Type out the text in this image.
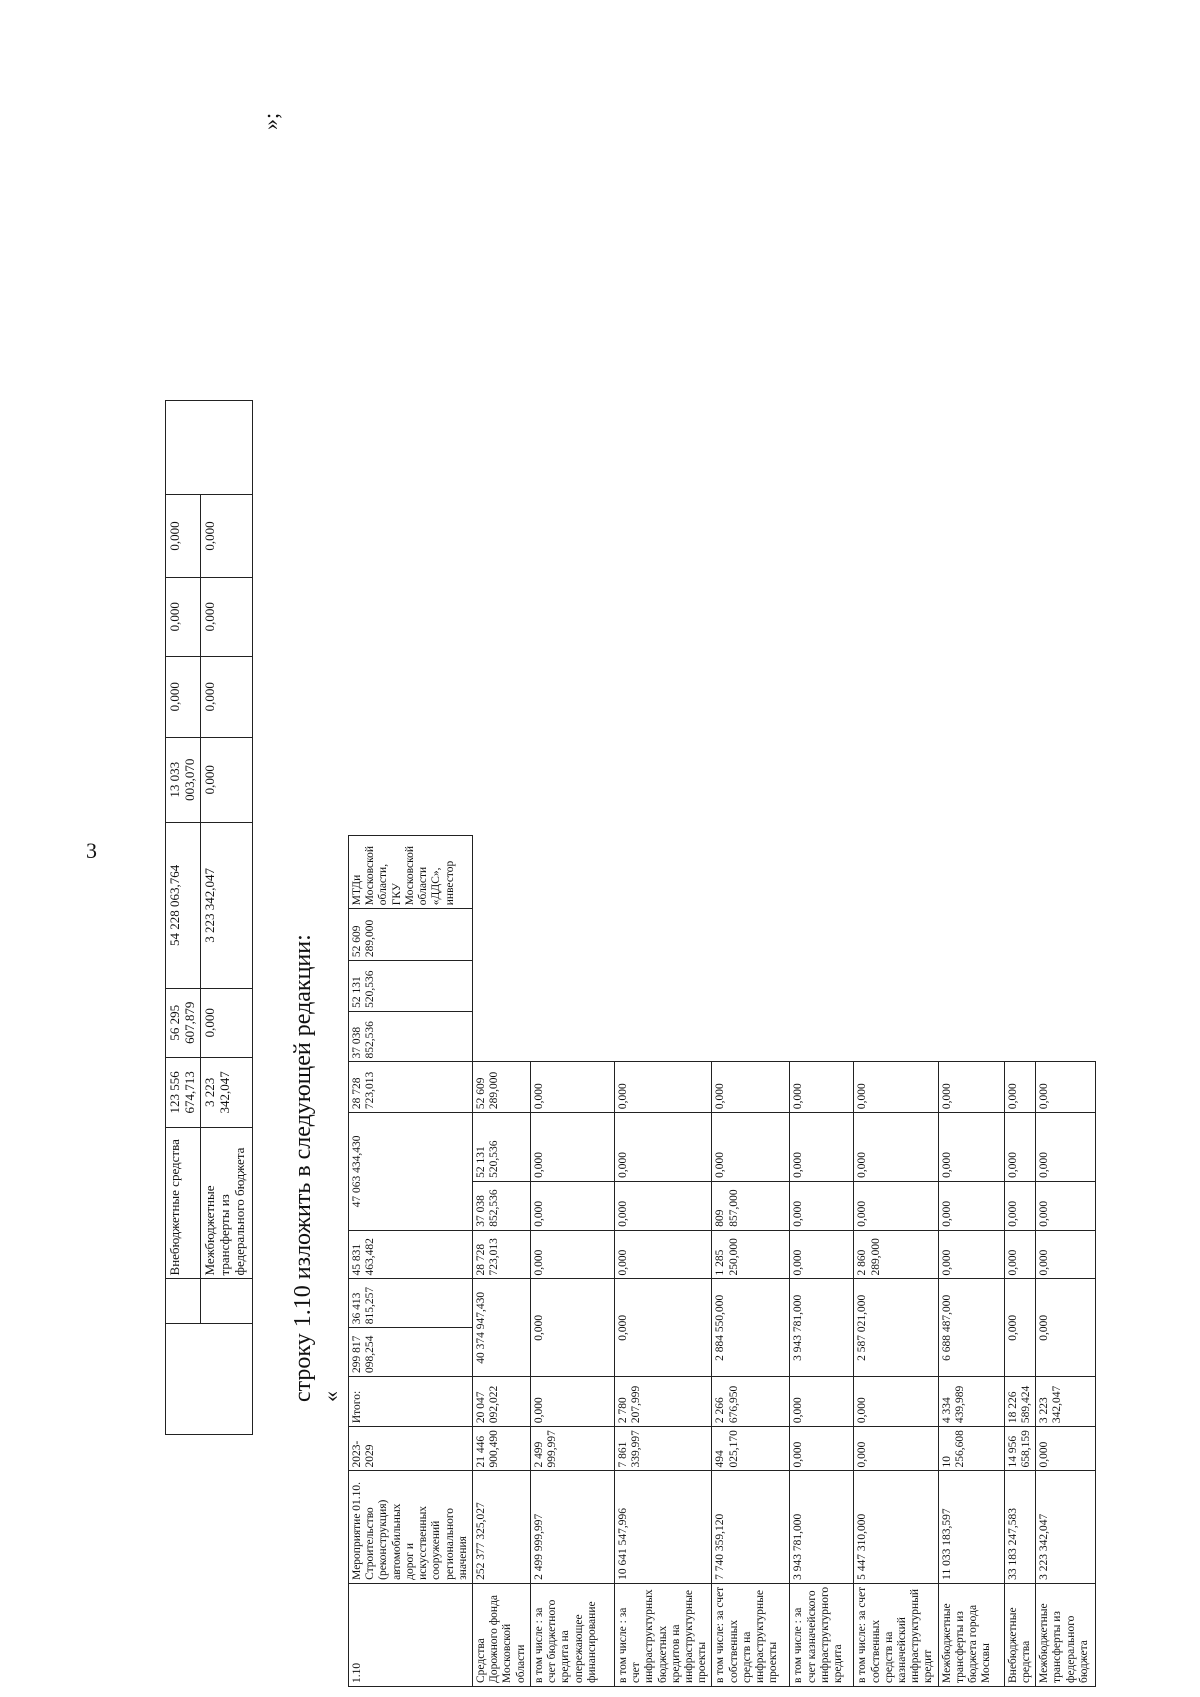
3
		Внебюджетные средства	123 556 674,713	56 295 607,879	54 228 063,764	13 033 003,070	0,000	0,000	0,000	
		Межбюджетные трансферты из федерального бюджета	3 223 342,047	0,000	3 223 342,047	0,000	0,000	0,000	0,000	
»;
строку 1.10 изложить в следующей редакции: «
1.10	Мероприятие 01.10. Строительство (реконструкция) автомобильных дорог и искусственных сооружений регионального значения	2023-2029	Итого:	299 817 098,254	36 413 815,257	45 831 463,482	47 063 434,430		28 728 723,013	37 038 852,536	52 131 520,536	52 609 289,000	МТДи Московской области, ГКУ Московской области «ДДС», инвестор
Средства Дорожного фонда Московской области	252 377 325,027	21 446 900,490	20 047 092,022	40 374 947,430		28 728 723,013	37 038 852,536	52 131 520,536	52 609 289,000				
в том числе : за счет бюджетного кредита на опережающее финансирование	2 499 999,997	2 499 999,997	0,000	0,000		0,000	0,000	0,000	0,000				
в том числе : за счет инфраструктурных бюджетных кредитов на инфраструктурные проекты	10 641 547,996	7 861 339,997	2 780 207,999	0,000		0,000	0,000	0,000	0,000				
в том числе: за счет собственных средств на инфраструктурные проекты	7 740 359,120	494 025,170	2 266 676,950	2 884 550,000		1 285 250,000	809 857,000	0,000	0,000				
в том числе : за счет казначейского инфраструктурного кредита	3 943 781,000	0,000	0,000	3 943 781,000		0,000	0,000	0,000	0,000				
в том числе: за счет собственных средств на казначейский инфраструктурный кредит	5 447 310,000	0,000	0,000	2 587 021,000		2 860 289,000	0,000	0,000	0,000				
Межбюджетные трансферты из бюджета города Москвы	11 033 183,597	10 256,608	4 334 439,989	6 688 487,000		0,000	0,000	0,000	0,000				
Внебюджетные средства	33 183 247,583	14 956 658,159	18 226 589,424	0,000		0,000	0,000	0,000	0,000				
Межбюджетные трансферты из федерального бюджета	3 223 342,047	0,000	3 223 342,047	0,000		0,000	0,000	0,000	0,000				
